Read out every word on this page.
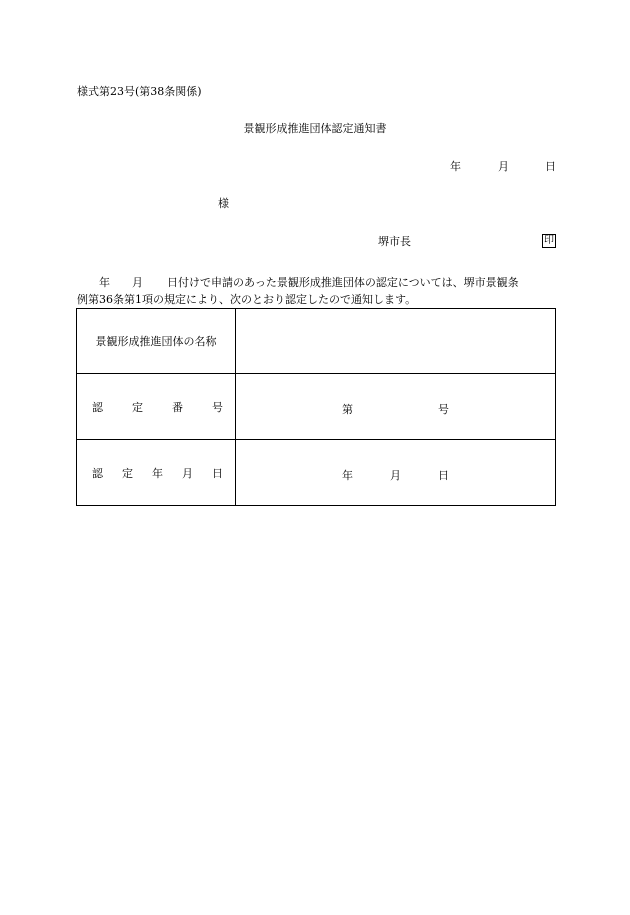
様式第23号(第38条関係)
景観形成推進団体認定通知書
年	月	日
様
堺市長	印
年 月 日付けで申請のあった景観形成推進団体の認定については、堺市景観条
例第36条第1項の規定により、次のとおり認定したので通知します。
景観形成推進団体の名称	

認 定 番 号	第 号

認 定 年 月 日	年 月 日
